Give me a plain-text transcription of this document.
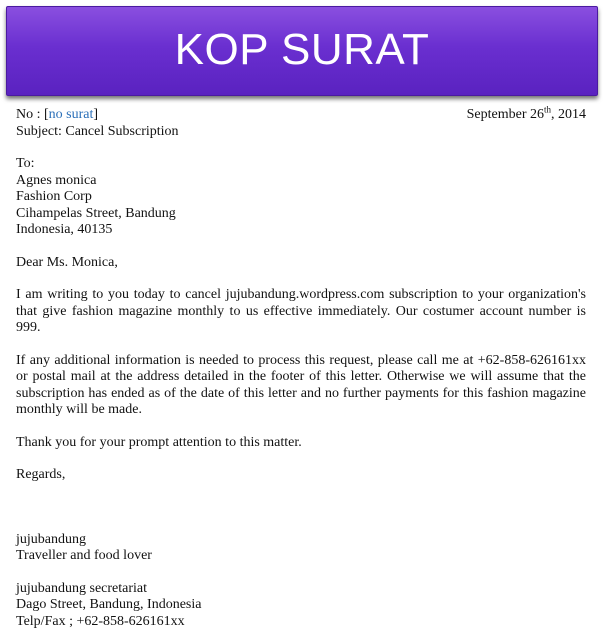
KOP SURAT
No : [no surat]	September 26th, 2014
Subject: Cancel Subscription
To:
Agnes monica
Fashion Corp
Cihampelas Street, Bandung
Indonesia, 40135
Dear Ms. Monica,

I am writing to you today to cancel jujubandung.wordpress.com subscription to your organization's that give fashion magazine monthly to us effective immediately. Our costumer account number is 999.

If any additional information is needed to process this request, please call me at +62-858-626161xx or postal mail at the address detailed in the footer of this letter. Otherwise we will assume that the subscription has ended as of the date of this letter and no further payments for this fashion magazine monthly will be made.

Thank you for your prompt attention to this matter.

Regards,
jujubandung
Traveller and food lover
jujubandung secretariat
Dago Street, Bandung, Indonesia
Telp/Fax ; +62-858-626161xx
